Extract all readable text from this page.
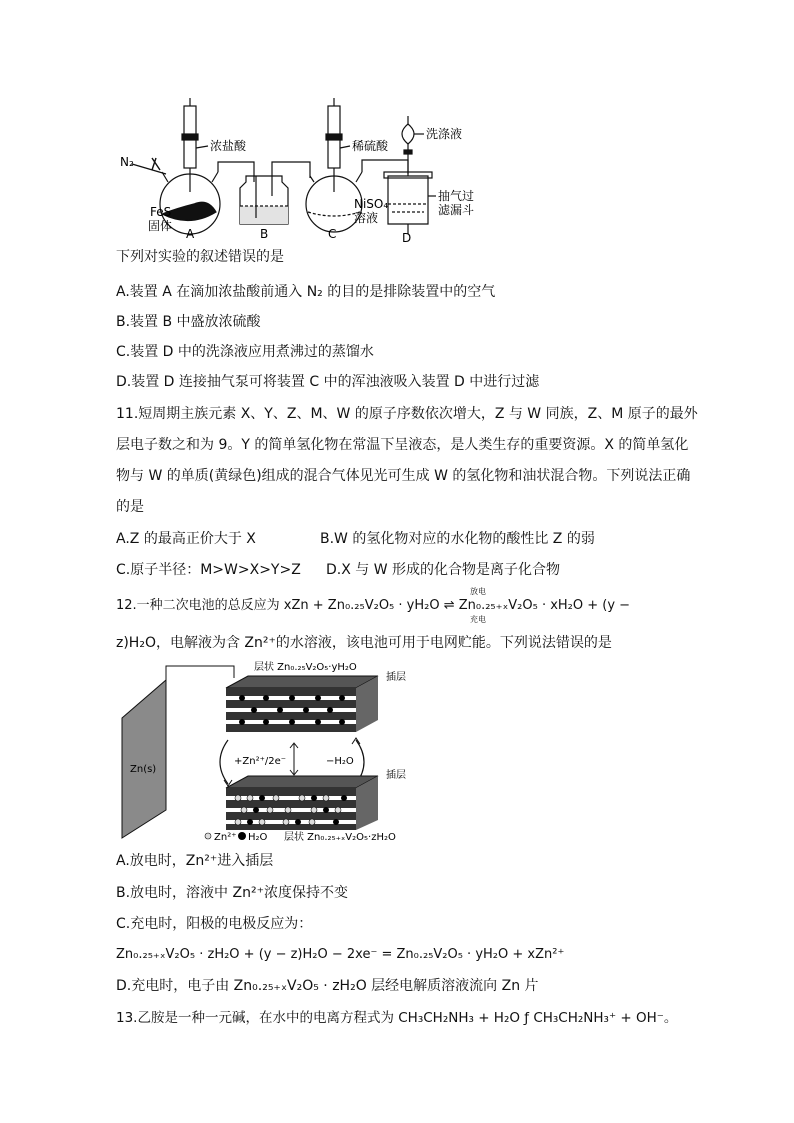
N₂
浓盐酸
FeS
固体
A	B
稀硫酸
NiSO₄
溶液
C
洗涤液
抽气过
滤漏斗
D
下列对实验的叙述错误的是
A.装置 A 在滴加浓盐酸前通入 N₂ 的目的是排除装置中的空气
B.装置 B 中盛放浓硫酸
C.装置 D 中的洗涤液应用煮沸过的蒸馏水
D.装置 D 连接抽气泵可将装置 C 中的浑浊液吸入装置 D 中进行过滤
11.短周期主族元素 X、Y、Z、M、W 的原子序数依次增大，Z 与 W 同族，Z、M 原子的最外
层电子数之和为 9。Y 的简单氢化物在常温下呈液态，是人类生存的重要资源。X 的简单氢化
物与 W 的单质(黄绿色)组成的混合气体见光可生成 W 的氢化物和油状混合物。下列说法正确
的是
A.Z 的最高正价大于 X	B.W 的氢化物对应的水化物的酸性比 Z 的弱
C.原子半径：M>W>X>Y>Z D.X 与 W 形成的化合物是离子化合物
12.一种二次电池的总反应为 xZn + Zn₀.₂₅V₂O₅ · yH₂O ⇌ Zn₀.₂₅₊ₓV₂O₅ · xH₂O + (y −
放电
充电
z)H₂O，电解液为含 Zn²⁺的水溶液，该电池可用于电网贮能。下列说法错误的是
层状 Zn₀.₂₅V₂O₅·yH₂O
插层
插层
+Zn²⁺/2e⁻	−H₂O
Zn(s)
Zn²⁺ H₂O 层状 Zn₀.₂₅₊ₓV₂O₅·zH₂O
A.放电时，Zn²⁺进入插层
B.放电时，溶液中 Zn²⁺浓度保持不变
C.充电时，阳极的电极反应为：
Zn₀.₂₅₊ₓV₂O₅ · zH₂O + (y − z)H₂O − 2xe⁻ = Zn₀.₂₅V₂O₅ · yH₂O + xZn²⁺
D.充电时，电子由 Zn₀.₂₅₊ₓV₂O₅ · zH₂O 层经电解质溶液流向 Zn 片
13.乙胺是一种一元碱，在水中的电离方程式为 CH₃CH₂NH₃ + H₂O ƒ CH₃CH₂NH₃⁺ + OH⁻。
